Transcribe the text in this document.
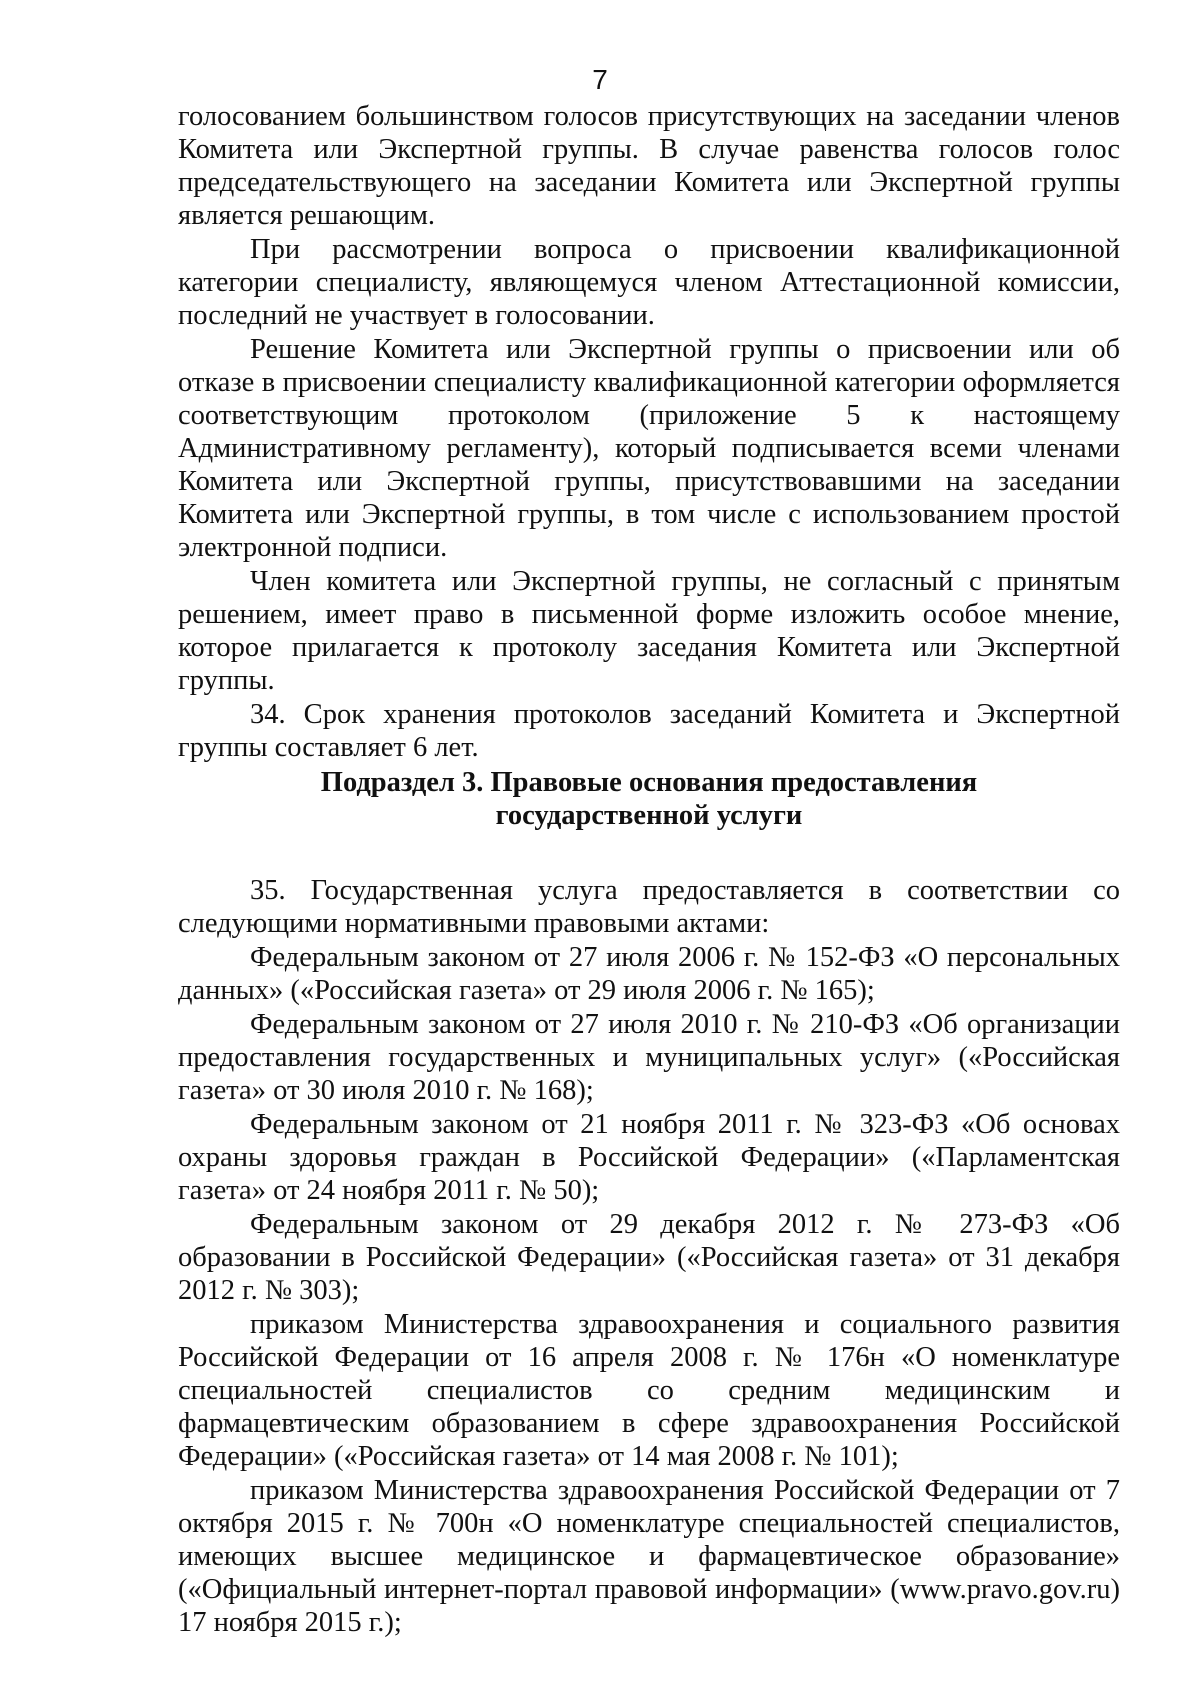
7

голосованием большинством голосов присутствующих на заседании членов Комитета или Экспертной группы. В случае равенства голосов голос председательствующего на заседании Комитета или Экспертной группы является решающим.

При рассмотрении вопроса о присвоении квалификационной категории специалисту, являющемуся членом Аттестационной комиссии, последний не участвует в голосовании.

Решение Комитета или Экспертной группы о присвоении или об отказе в присвоении специалисту квалификационной категории оформляется соответствующим протоколом (приложение 5 к настоящему Административному регламенту), который подписывается всеми членами Комитета или Экспертной группы, присутствовавшими на заседании Комитета или Экспертной группы, в том числе с использованием простой электронной подписи.

Член комитета или Экспертной группы, не согласный с принятым решением, имеет право в письменной форме изложить особое мнение, которое прилагается к протоколу заседания Комитета или Экспертной группы.

34. Срок хранения протоколов заседаний Комитета и Экспертной группы составляет 6 лет.

Подраздел 3. Правовые основания предоставления
государственной услуги

35. Государственная услуга предоставляется в соответствии со следующими нормативными правовыми актами:

Федеральным законом от 27 июля 2006 г. № 152-ФЗ «О персональных данных» («Российская газета» от 29 июля 2006 г. № 165);

Федеральным законом от 27 июля 2010 г. № 210-ФЗ «Об организации предоставления государственных и муниципальных услуг» («Российская газета» от 30 июля 2010 г. № 168);

Федеральным законом от 21 ноября 2011 г. № 323-ФЗ «Об основах охраны здоровья граждан в Российской Федерации» («Парламентская газета» от 24 ноября 2011 г. № 50);

Федеральным законом от 29 декабря 2012 г. № 273-ФЗ «Об образовании в Российской Федерации» («Российская газета» от 31 декабря 2012 г. № 303);

приказом Министерства здравоохранения и социального развития Российской Федерации от 16 апреля 2008 г. № 176н «О номенклатуре специальностей специалистов со средним медицинским и фармацевтическим образованием в сфере здравоохранения Российской Федерации» («Российская газета» от 14 мая 2008 г. № 101);

приказом Министерства здравоохранения Российской Федерации от 7 октября 2015 г. № 700н «О номенклатуре специальностей специалистов, имеющих высшее медицинское и фармацевтическое образование» («Официальный интернет-портал правовой информации» (www.pravo.gov.ru) 17 ноября 2015 г.);
